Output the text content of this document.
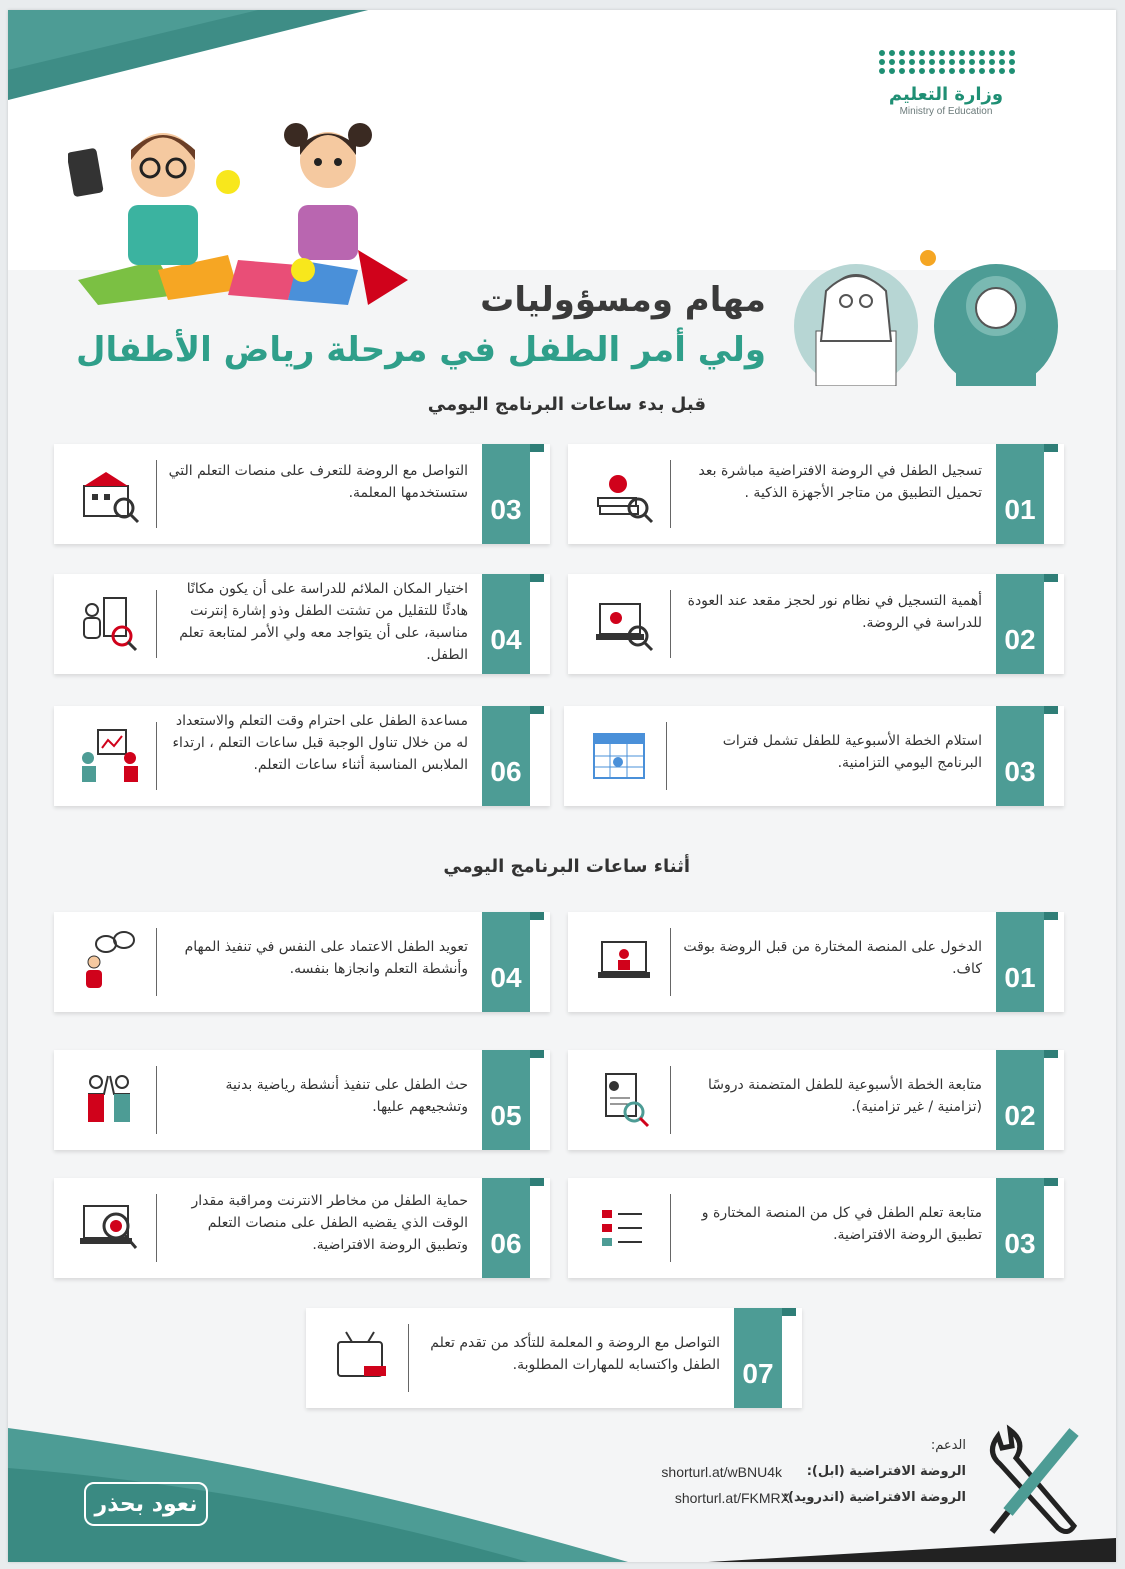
وزارة التعليم
Ministry of Education
مهام ومسؤوليات
ولي أمر الطفل في مرحلة رياض الأطفال
قبل بدء ساعات البرنامج اليومي
01
تسجيل الطفل في الروضة الافتراضية مباشرة بعد تحميل التطبيق من متاجر الأجهزة الذكية .
03
التواصل مع الروضة للتعرف على منصات التعلم التي ستستخدمها المعلمة.
02
أهمية التسجيل في نظام نور لحجز مقعد عند العودة للدراسة في الروضة.
04
اختيار المكان الملائم للدراسة على أن يكون مكانًا هادئًا للتقليل من تشتت الطفل وذو إشارة إنترنت مناسبة، على أن يتواجد معه ولي الأمر لمتابعة تعلم الطفل.
03
استلام الخطة الأسبوعية للطفل تشمل فترات البرنامج اليومي التزامنية.
06
مساعدة الطفل على احترام وقت التعلم والاستعداد له من خلال تناول الوجبة قبل ساعات التعلم ، ارتداء الملابس المناسبة أثناء ساعات التعلم.
أثناء ساعات البرنامج اليومي
01
الدخول على المنصة المختارة من قبل الروضة بوقت كاف.
04
تعويد الطفل الاعتماد على النفس في تنفيذ المهام وأنشطة التعلم وانجازها بنفسه.
02
متابعة الخطة الأسبوعية للطفل المتضمنة دروسًا (تزامنية / غير تزامنية).
05
حث الطفل على تنفيذ أنشطة رياضية بدنية وتشجيعهم عليها.
03
متابعة تعلم الطفل في كل من المنصة المختارة و تطبيق الروضة الافتراضية.
06
حماية الطفل من مخاطر الانترنت ومراقبة مقدار الوقت الذي يقضيه الطفل على منصات التعلم وتطبيق الروضة الافتراضية.
07
التواصل مع الروضة و المعلمة للتأكد من تقدم تعلم الطفل واكتسابه للمهارات المطلوبة.
الدعم:
الروضة الافتراضية (ابل):
shorturl.at/wBNU4k
الروضة الافتراضية (اندرويد):
shorturl.at/FKMRX
نعود بحذر
